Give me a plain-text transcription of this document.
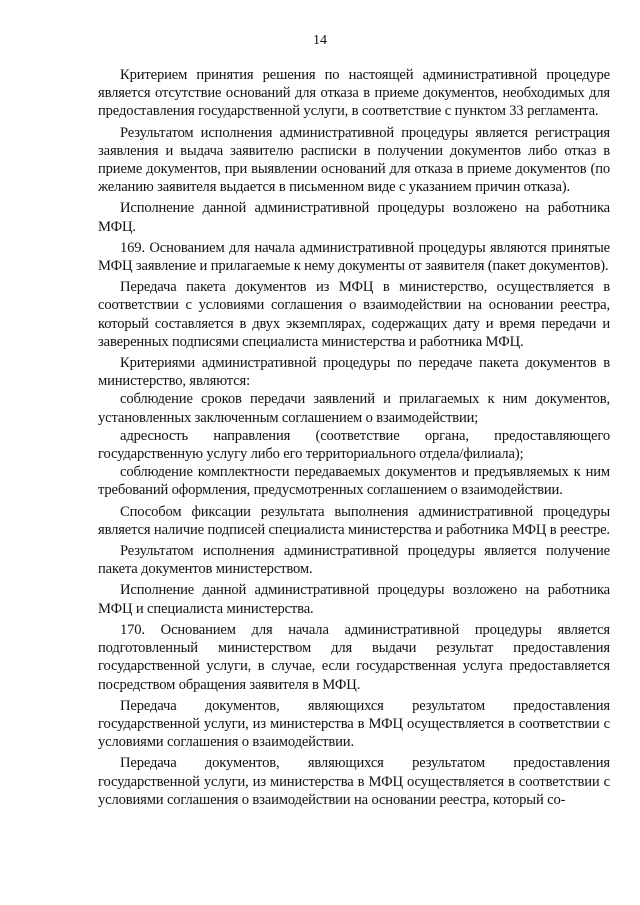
14

Критерием принятия решения по настоящей административной процедуре является отсутствие оснований для отказа в приеме документов, необходимых для предоставления государственной услуги, в соответствие с пунктом 33 регламента.

Результатом исполнения административной процедуры является регистрация заявления и выдача заявителю расписки в получении документов либо отказ в приеме документов, при выявлении оснований для отказа в приеме документов (по желанию заявителя выдается в письменном виде с указанием причин отказа).

Исполнение данной административной процедуры возложено на работника МФЦ.

169. Основанием для начала административной процедуры являются принятые МФЦ заявление и прилагаемые к нему документы от заявителя (пакет документов).

Передача пакета документов из МФЦ в министерство, осуществляется в соответствии с условиями соглашения о взаимодействии на основании реестра, который составляется в двух экземплярах, содержащих дату и время передачи и заверенных подписями специалиста министерства и работника МФЦ.

Критериями административной процедуры по передаче пакета документов в министерство, являются:

соблюдение сроков передачи заявлений и прилагаемых к ним документов, установленных заключенным соглашением о взаимодействии;

адресность направления (соответствие органа, предоставляющего государственную услугу либо его территориального отдела/филиала);

соблюдение комплектности передаваемых документов и предъявляемых к ним требований оформления, предусмотренных соглашением о взаимодействии.

Способом фиксации результата выполнения административной процедуры является наличие подписей специалиста министерства и работника МФЦ в реестре.

Результатом исполнения административной процедуры является получение пакета документов министерством.

Исполнение данной административной процедуры возложено на работника МФЦ и специалиста министерства.

170. Основанием для начала административной процедуры является подготовленный министерством для выдачи результат предоставления государственной услуги, в случае, если государственная услуга предоставляется посредством обращения заявителя в МФЦ.

Передача документов, являющихся результатом предоставления государственной услуги, из министерства в МФЦ осуществляется в соответствии с условиями соглашения о взаимодействии.

Передача документов, являющихся результатом предоставления государственной услуги, из министерства в МФЦ осуществляется в соответствии с условиями соглашения о взаимодействии на основании реестра, который со-
